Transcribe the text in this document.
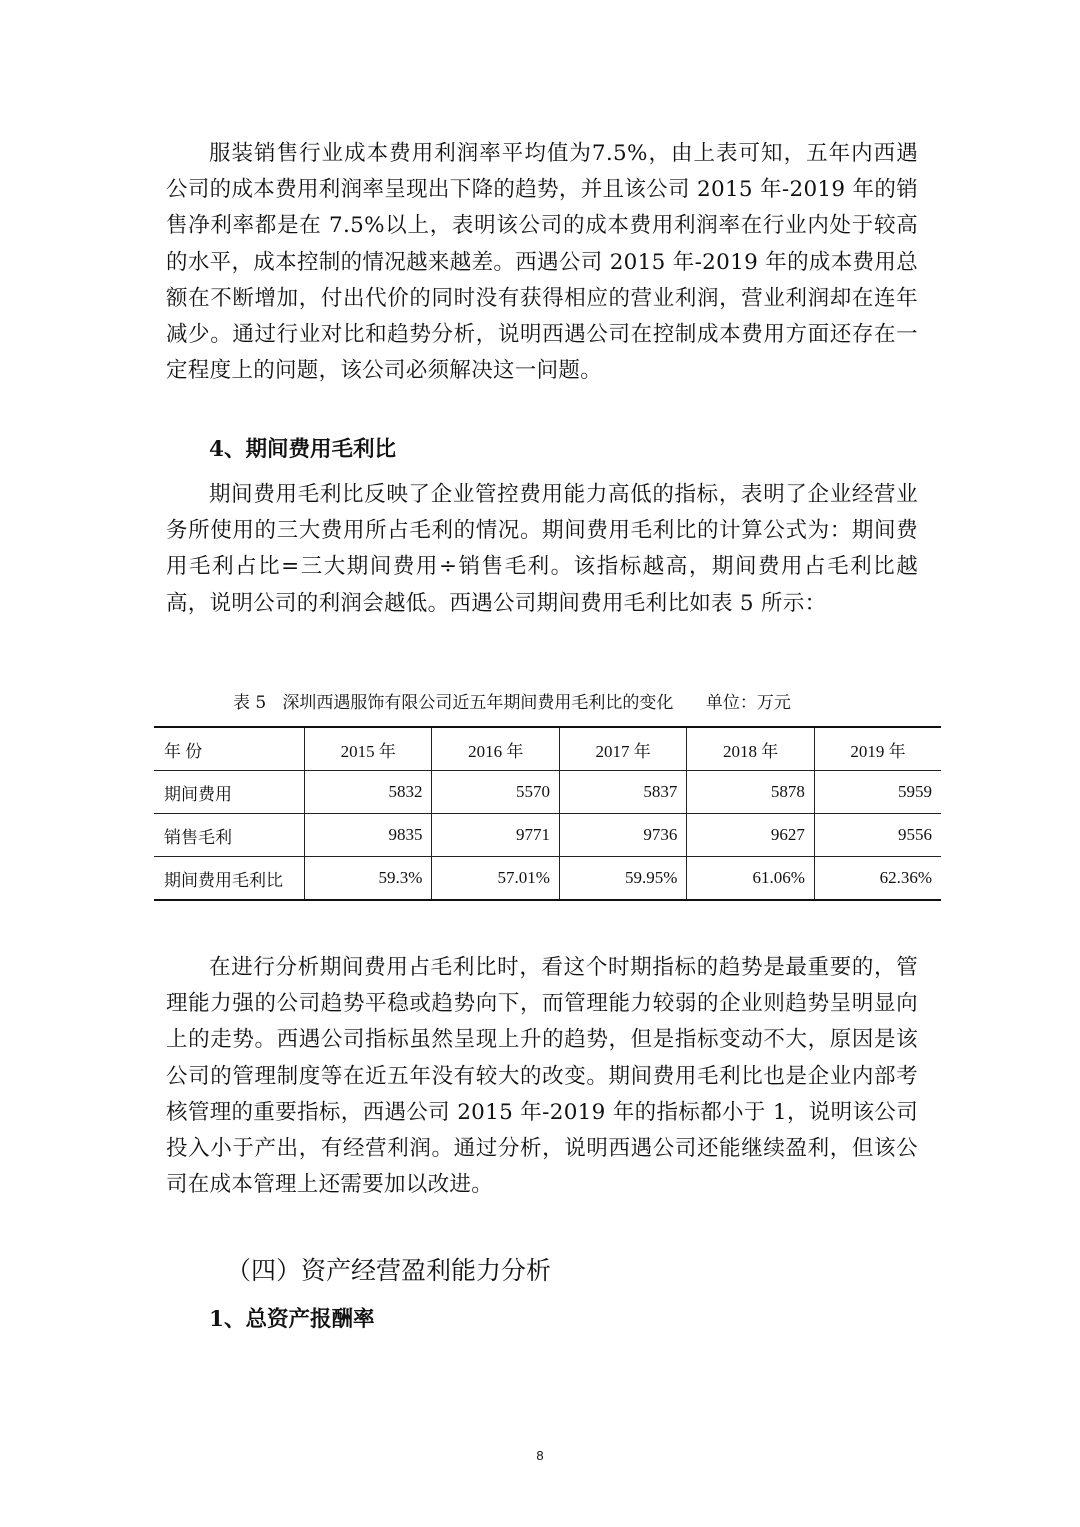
服装销售行业成本费用利润率平均值为7.5%，由上表可知，五年内西遇公司的成本费用利润率呈现出下降的趋势，并且该公司 2015 年-2019 年的销售净利率都是在 7.5%以上，表明该公司的成本费用利润率在行业内处于较高的水平，成本控制的情况越来越差。西遇公司 2015 年-2019 年的成本费用总额在不断增加，付出代价的同时没有获得相应的营业利润，营业利润却在连年减少。通过行业对比和趋势分析，说明西遇公司在控制成本费用方面还存在一定程度上的问题，该公司必须解决这一问题。

4、期间费用毛利比

期间费用毛利比反映了企业管控费用能力高低的指标，表明了企业经营业务所使用的三大费用所占毛利的情况。期间费用毛利比的计算公式为：期间费用毛利占比=三大期间费用÷销售毛利。该指标越高，期间费用占毛利比越高，说明公司的利润会越低。西遇公司期间费用毛利比如表 5 所示：

表 5   深圳西遇服饰有限公司近五年期间费用毛利比的变化      单位：万元

年 份	2015 年	2016 年	2017 年	2018 年	2019 年
期间费用	5832	5570	5837	5878	5959
销售毛利	9835	9771	9736	9627	9556
期间费用毛利比	59.3%	57.01%	59.95%	61.06%	62.36%

在进行分析期间费用占毛利比时，看这个时期指标的趋势是最重要的，管理能力强的公司趋势平稳或趋势向下，而管理能力较弱的企业则趋势呈明显向上的走势。西遇公司指标虽然呈现上升的趋势，但是指标变动不大，原因是该公司的管理制度等在近五年没有较大的改变。期间费用毛利比也是企业内部考核管理的重要指标，西遇公司 2015 年-2019 年的指标都小于 1，说明该公司投入小于产出，有经营利润。通过分析，说明西遇公司还能继续盈利，但该公司在成本管理上还需要加以改进。

（四）资产经营盈利能力分析

1、总资产报酬率

8
